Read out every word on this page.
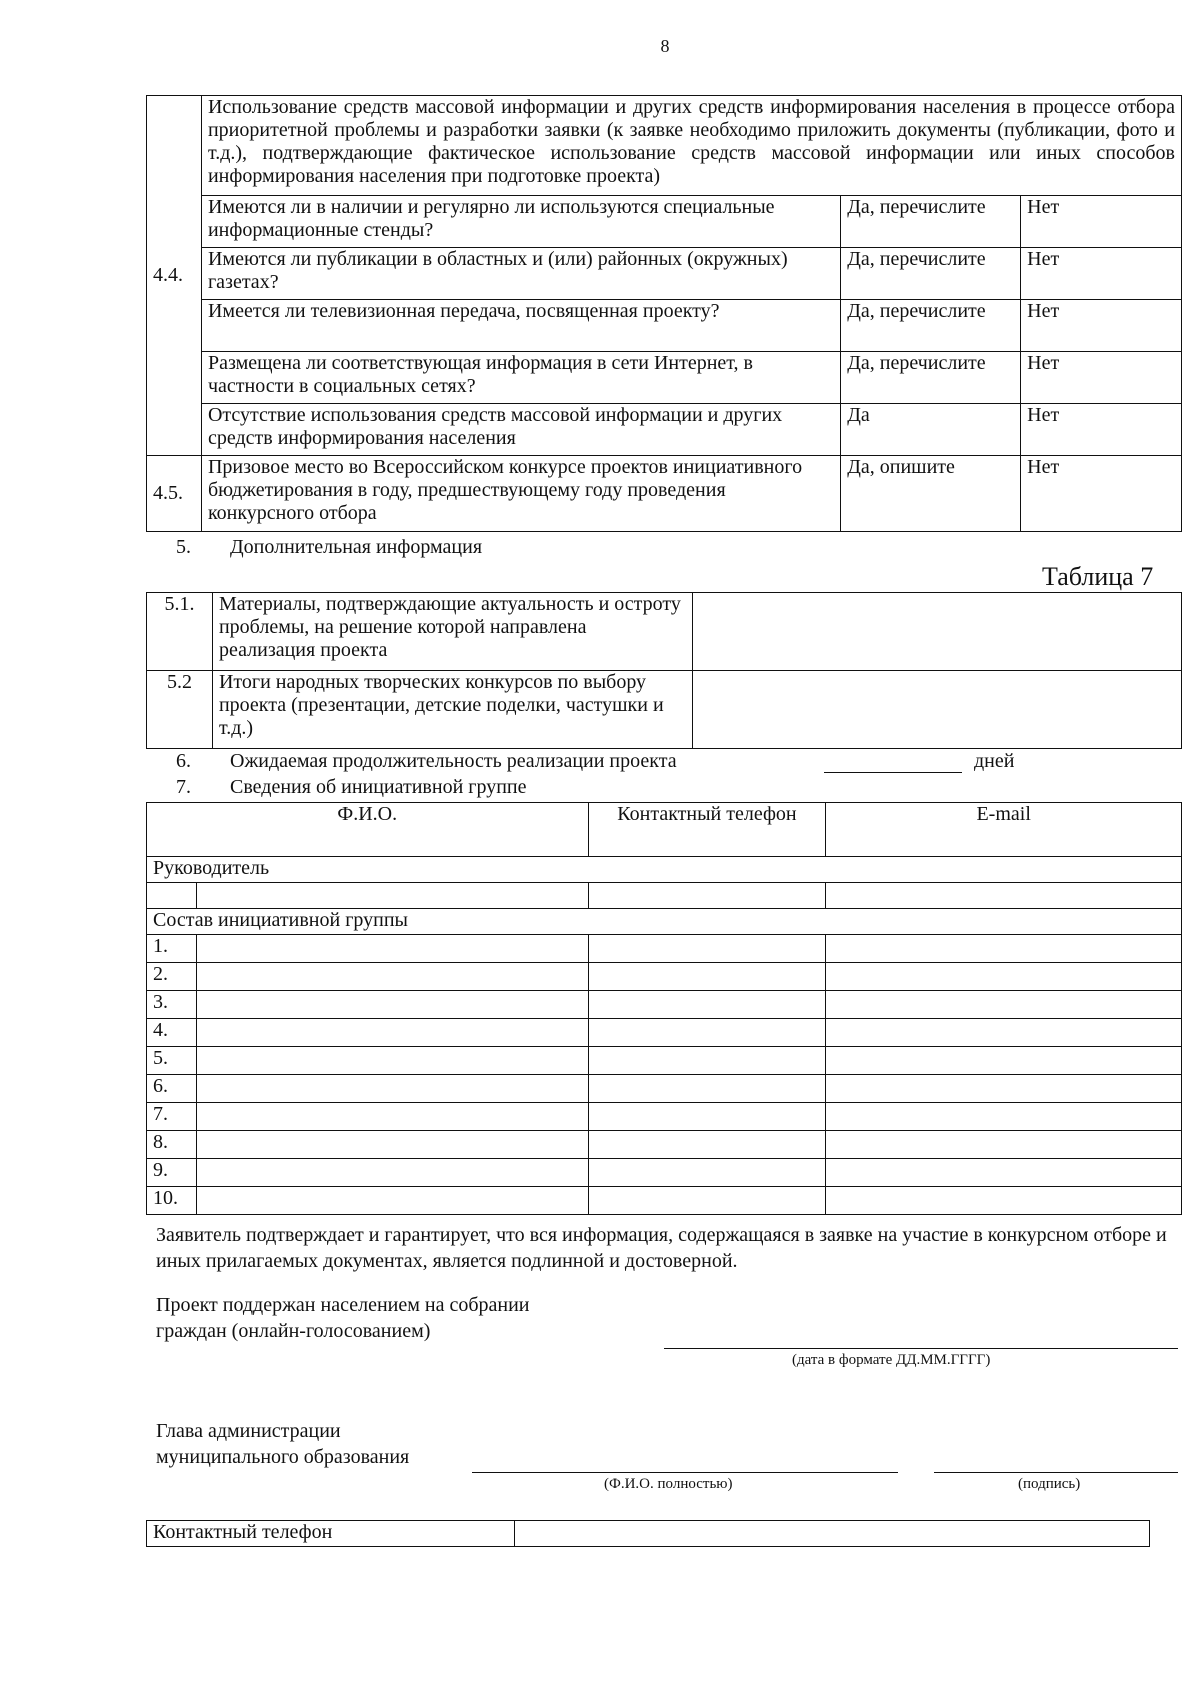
8
4.4.	Использование средств массовой информации и других средств информирования населения в процессе отбора приоритетной проблемы и разработки заявки (к заявке необходимо приложить документы (публикации, фото и т.д.), подтверждающие фактическое использование средств массовой информации или иных способов информирования населения при подготовке проекта)		
	Имеются ли в наличии и регулярно ли используются специальные информационные стенды?	Да, перечислите	Нет
	Имеются ли публикации в областных и (или) районных (окружных) газетах?	Да, перечислите	Нет
	Имеется ли телевизионная передача, посвященная проекту?	Да, перечислите	Нет
	Размещена ли соответствующая информация в сети Интернет, в частности в социальных сетях?	Да, перечислите	Нет
	Отсутствие использования средств массовой информации и других средств информирования населения	Да	Нет
4.5.	Призовое место во Всероссийском конкурсе проектов инициативного бюджетирования в году, предшествующему году проведения конкурсного отбора	Да, опишите	Нет
5. Дополнительная информация
Таблица 7
5.1.	Материалы, подтверждающие актуальность и остроту проблемы, на решение которой направлена реализация проекта	
5.2	Итоги народных творческих конкурсов по выбору проекта (презентации, детские поделки, частушки и т.д.)	
6. Ожидаемая продолжительность реализации проекта	дней
7. Сведения об инициативной группе
Ф.И.О.		Контактный телефон	E-mail
Руководитель			

Состав инициативной группы			
1.			
2.			
3.			
4.			
5.			
6.			
7.			
8.			
9.			
10.			
Заявитель подтверждает и гарантирует, что вся информация, содержащаяся в заявке на участие в конкурсном отборе и иных прилагаемых документах, является подлинной и достоверной.
Проект поддержан населением на собрании
граждан (онлайн-голосованием)
(дата в формате ДД.ММ.ГГГГ)
Глава администрации
муниципального образования
(Ф.И.О. полностью)	(подпись)
Контактный телефон	
